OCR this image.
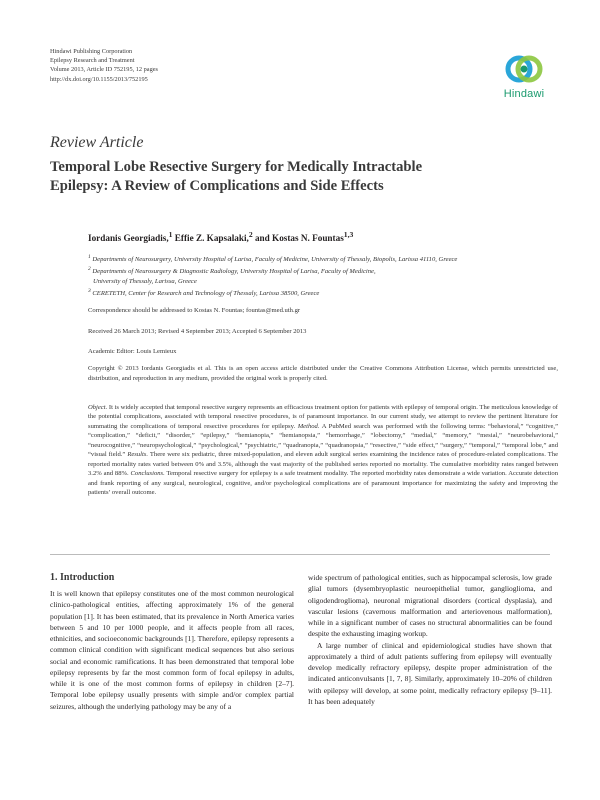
Hindawi Publishing Corporation
Epilepsy Research and Treatment
Volume 2013, Article ID 752195, 12 pages
http://dx.doi.org/10.1155/2013/752195
Hindawi
Review Article
Temporal Lobe Resective Surgery for Medically Intractable
Epilepsy: A Review of Complications and Side Effects
Iordanis Georgiadis,$^1$ Effie Z. Kapsalaki,$^2$ and Kostas N. Fountas$^{1,3}$
$^1$ Departments of Neurosurgery, University Hospital of Larisa, Faculty of Medicine, University of Thessaly, Biopolis, Larissa 41110, Greece
$^2$ Departments of Neurosurgery & Diagnostic Radiology, University Hospital of Larisa, Faculty of Medicine,
University of Thessaly, Larissa, Greece
$^3$ CERETETH, Center for Research and Technology of Thessaly, Larissa 38500, Greece
Correspondence should be addressed to Kostas N. Fountas; fountas@med.uth.gr
Received 26 March 2013; Revised 4 September 2013; Accepted 6 September 2013
Academic Editor: Louis Lemieux
Copyright © 2013 Iordanis Georgiadis et al. This is an open access article distributed under the Creative Commons Attribution License, which permits unrestricted use, distribution, and reproduction in any medium, provided the original work is properly cited.
Object. It is widely accepted that temporal resective surgery represents an efficacious treatment option for patients with epilepsy of temporal origin. The meticulous knowledge of the potential complications, associated with temporal resective procedures, is of paramount importance. In our current study, we attempt to review the pertinent literature for summating the complications of temporal resective procedures for epilepsy. Method. A PubMed search was performed with the following terms: “behavioral,” “cognitive,” “complication,” “deficit,” “disorder,” “epilepsy,” “hemianopia,” “hemianopsia,” “hemorrhage,” “lobectomy,” “medial,” “memory,” “mesial,” “neurobehavioral,” “neurocognitive,” “neuropsychological,” “psychological,” “psychiatric,” “quadranopia,” “quadranopsia,” “resective,” “side effect,” “surgery,” “temporal,” “temporal lobe,” and “visual field.” Results. There were six pediatric, three mixed-population, and eleven adult surgical series examining the incidence rates of procedure-related complications. The reported mortality rates varied between 0% and 3.5%, although the vast majority of the published series reported no mortality. The cumulative morbidity rates ranged between 3.2% and 88%. Conclusions. Temporal resective surgery for epilepsy is a safe treatment modality. The reported morbidity rates demonstrate a wide variation. Accurate detection and frank reporting of any surgical, neurological, cognitive, and/or psychological complications are of paramount importance for maximizing the safety and improving the patients’ overall outcome.
1. Introduction

It is well known that epilepsy constitutes one of the most common neurological clinico-pathological entities, affecting approximately 1% of the general population [1]. It has been estimated, that its prevalence in North America varies between 5 and 10 per 1000 people, and it affects people from all races, ethnicities, and socioeconomic backgrounds [1]. Therefore, epilepsy represents a common clinical condition with significant medical sequences but also serious social and economic ramifications. It has been demonstrated that temporal lobe epilepsy represents by far the most common form of focal epilepsy in adults, while it is one of the most common forms of epilepsy in children [2–7]. Temporal lobe epilepsy usually presents with simple and/or complex partial seizures, although the underlying pathology may be any of a

wide spectrum of pathological entities, such as hippocampal sclerosis, low grade glial tumors (dysembryoplastic neuroepithelial tumor, ganglioglioma, and oligodendroglioma), neuronal migrational disorders (cortical dysplasia), and vascular lesions (cavernous malformation and arteriovenous malformation), while in a significant number of cases no structural abnormalities can be found despite the exhausting imaging workup.

A large number of clinical and epidemiological studies have shown that approximately a third of adult patients suffering from epilepsy will eventually develop medically refractory epilepsy, despite proper administration of the indicated anticonvulsants [1, 7, 8]. Similarly, approximately 10–20% of children with epilepsy will develop, at some point, medically refractory epilepsy [9–11]. It has been adequately
